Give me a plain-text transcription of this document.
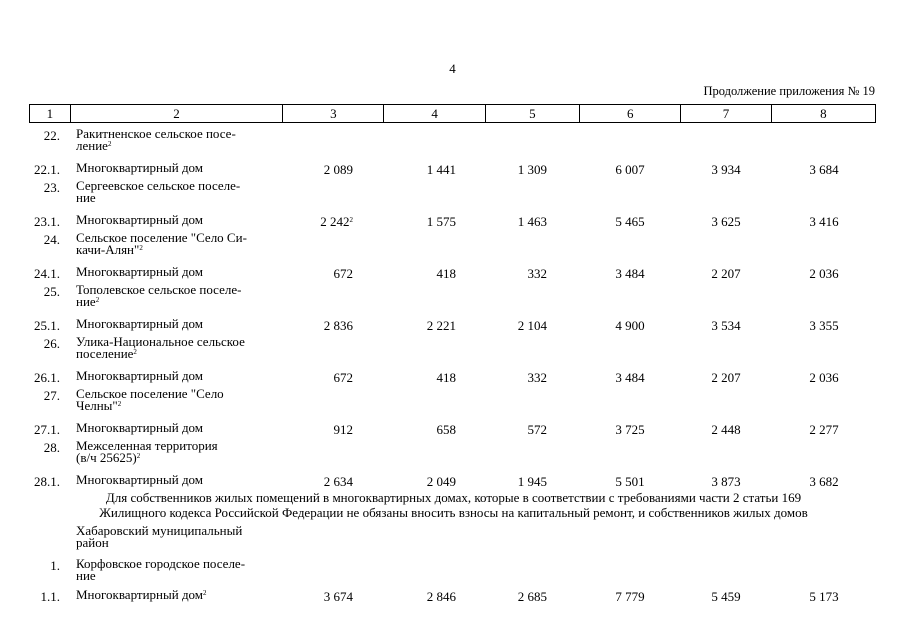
4
Продолжение приложения № 19
1	2	3	4	5	6	7	8
22. Ракитненское сельское посе-
ление$^2$
22.1. Многоквартирный дом	2 089	1 441	1 309	6 007	3 934	3 684
23. Сергеевское сельское поселе-
ние
23.1. Многоквартирный дом	2 $242^2$	1 575	1 463	5 465	3 625	3 416
24. Сельское поселение "Село Си-
качи-Алян"$^2$
24.1. Многоквартирный дом	672	418	332	3 484	2 207	2 036
25. Тополевское сельское поселе-
ние$^2$
25.1. Многоквартирный дом	2 836	2 221	2 104	4 900	3 534	3 355
26. Улика-Национальное сельское
поселение$^2$
26.1. Многоквартирный дом	672	418	332	3 484	2 207	2 036
27. Сельское поселение "Село
Челны"$^2$
27.1. Многоквартирный дом	912	658	572	3 725	2 448	2 277
28. Межселенная территория
(в/ч 25625)$^2$
28.1. Многоквартирный дом	2 634	2 049	1 945	5 501	3 873	3 682
Для собственников жилых помещений в многоквартирных домах, которые в соответствии с требованиями части 2 статьи 169
Жилищного кодекса Российской Федерации не обязаны вносить взносы на капитальный ремонт, и собственников жилых домов
Хабаровский муниципальный
район
1. Корфовское городское поселе-
ние
1.1. Многоквартирный дом$^2$	3 674	2 846	2 685	7 779	5 459	5 173
